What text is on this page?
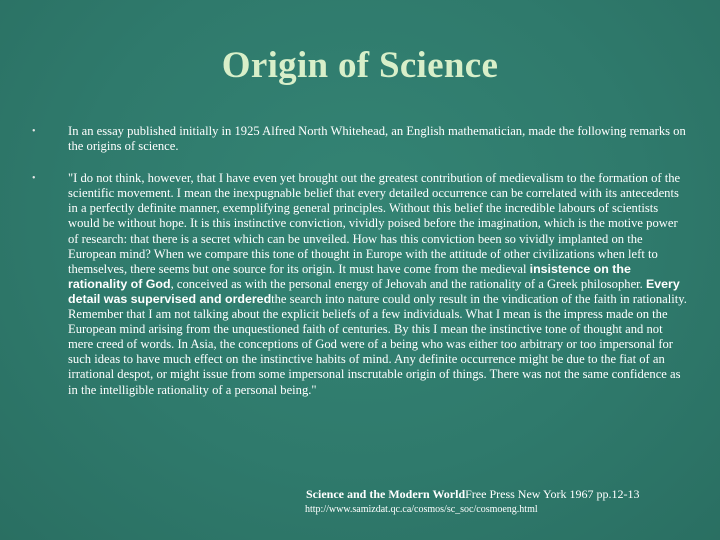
Origin of Science
•	In an essay published initially in 1925 Alfred North Whitehead, an English mathematician, made the following remarks on the origins of science.
•	"I do not think, however, that I have even yet brought out the greatest contribution of medievalism to the formation of the scientific movement. I mean the inexpugnable belief that every detailed occurrence can be correlated with its antecedents in a perfectly definite manner, exemplifying general principles. Without this belief the incredible labours of scientists would be without hope. It is this instinctive conviction, vividly poised before the imagination, which is the motive power of research: that there is a secret which can be unveiled. How has this conviction been so vividly implanted on the European mind? When we compare this tone of thought in Europe with the attitude of other civilizations when left to themselves, there seems but one source for its origin. It must have come from the medieval insistence on the rationality of God, conceived as with the personal energy of Jehovah and the rationality of a Greek philosopher. Every detail was supervised and orderedthe search into nature could only result in the vindication of the faith in rationality. Remember that I am not talking about the explicit beliefs of a few individuals. What I mean is the impress made on the European mind arising from the unquestioned faith of centuries. By this I mean the instinctive tone of thought and not mere creed of words. In Asia, the conceptions of God were of a being who was either too arbitrary or too impersonal for such ideas to have much effect on the instinctive habits of mind. Any definite occurrence might be due to the fiat of an irrational despot, or might issue from some impersonal inscrutable origin of things. There was not the same confidence as in the intelligible rationality of a personal being."
Science and the Modern WorldFree Press New York 1967 pp.12-13
http://www.samizdat.qc.ca/cosmos/sc_soc/cosmoeng.html
